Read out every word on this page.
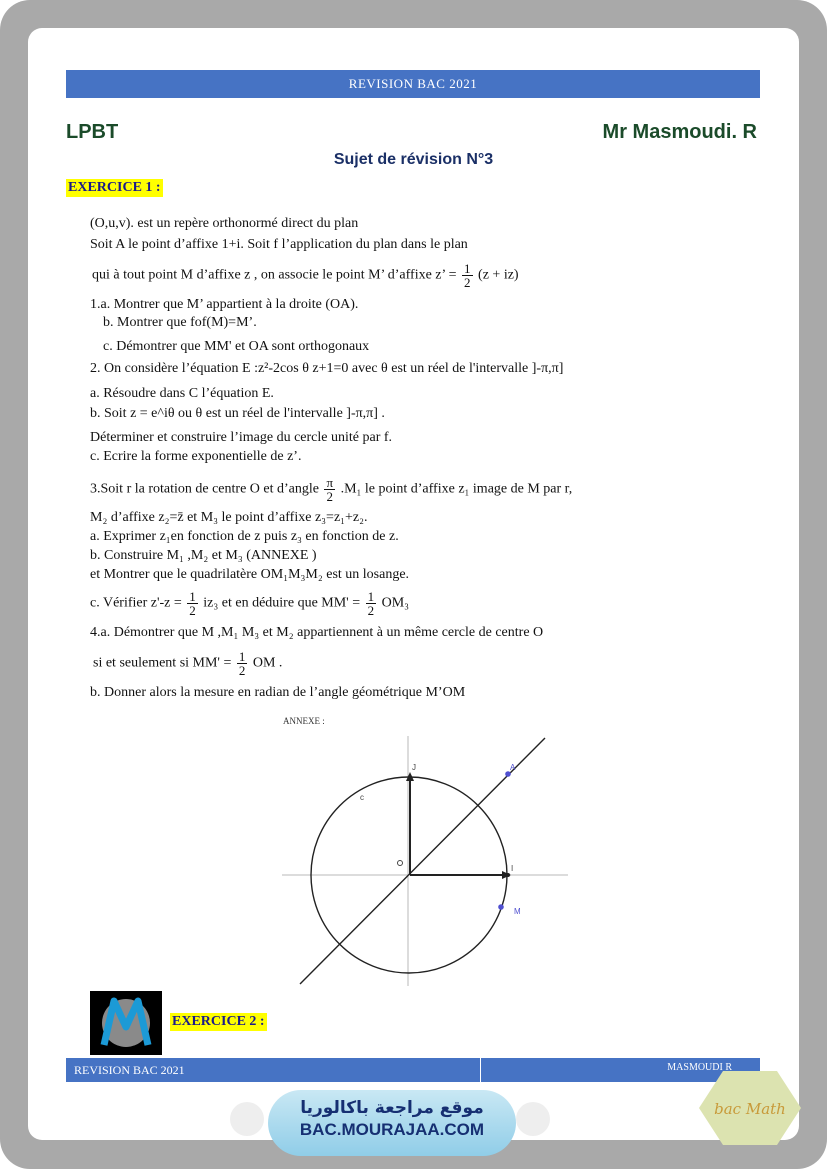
REVISION BAC 2021
LPBT	Mr Masmoudi. R
Sujet de révision N°3
EXERCICE 1 :
(O,u,v). est un repère orthonormé direct du plan
Soit A le point d’affixe 1+i. Soit f l’application du plan dans le plan
qui à tout point M d’affixe z , on associe le point M’ d’affixe z’ = $\frac{1}{2} (z + iz)$
1.a. Montrer que M’ appartient à la droite (OA).
b. Montrer que fof(M)=M’.
c. Démontrer que MM' et OA sont orthogonaux
2. On considère l’équation E :z²-2cos θ z+1=0 avec θ est un réel de l'intervalle ]-π,π]
a. Résoudre dans C l’équation E.
b. Soit z = e^iθ ou θ est un réel de l'intervalle ]-π,π] .
Déterminer et construire l’image du cercle unité par f.
c. Ecrire la forme exponentielle de z’.
3.Soit r la rotation de centre O et d’angle $\frac{\pi}{2} .M_1$ le point d’affixe z₁ image de M par r,
M₂ d’affixe z₂=z̄ et M₃ le point d’affixe z₃=z₁+z₂.
a. Exprimer z₁en fonction de z puis z₃ en fonction de z.
b. Construire M₁ ,M₂ et M₃ (ANNEXE )
et Montrer que le quadrilatère OM₁M₃M₂ est un losange.
c. Vérifier $z'-z = \frac{1}{2} iz_3$ et en déduire que $MM' = \frac{1}{2} OM_3$
4.a. Démontrer que M ,M₁ M₃ et M₂ appartiennent à un même cercle de centre O
si et seulement si $MM' = \frac{1}{2}$ OM .
b. Donner alors la mesure en radian de l’angle géométrique M’OM
ANNEXE :
J	A
c
I
M
EXERCICE 2 :
REVISION BAC 2021	MASMOUDI R
موقع مراجعة باكالوريا
BAC.MOURAJAA.COM
bac Math
